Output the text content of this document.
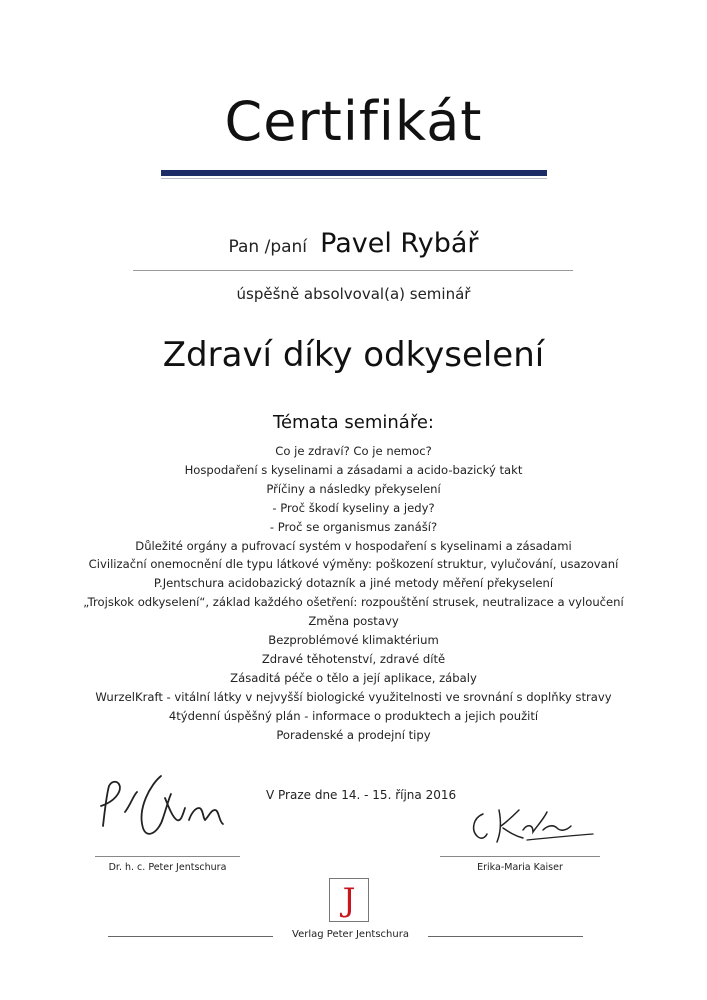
Certifikát
Pan /paní Pavel Rybář
úspěšně absolvoval(a) seminář
Zdraví díky odkyselení
Témata semináře:
Co je zdraví? Co je nemoc?
Hospodaření s kyselinami a zásadami a acido-bazický takt
Příčiny a následky překyselení
- Proč škodí kyseliny a jedy?
- Proč se organismus zanáší?
Důležité orgány a pufrovací systém v hospodaření s kyselinami a zásadami
Civilizační onemocnění dle typu látkové výměny: poškození struktur, vylučování, usazovaní
P.Jentschura acidobazický dotazník a jiné metody měření překyselení
„Trojskok odkyselení“, základ každého ošetření: rozpouštění strusek, neutralizace a vyloučení
Změna postavy
Bezproblémové klimaktérium
Zdravé těhotenství, zdravé dítě
Zásaditá péče o tělo a její aplikace, zábaly
WurzelKraft - vitální látky v nejvyšší biologické využitelnosti ve srovnání s doplňky stravy
4týdenní úspěšný plán - informace o produktech a jejich použití
Poradenské a prodejní tipy
V Praze dne 14. - 15. října 2016
Dr. h. c. Peter Jentschura	Erika-Maria Kaiser
J
Verlag Peter Jentschura
